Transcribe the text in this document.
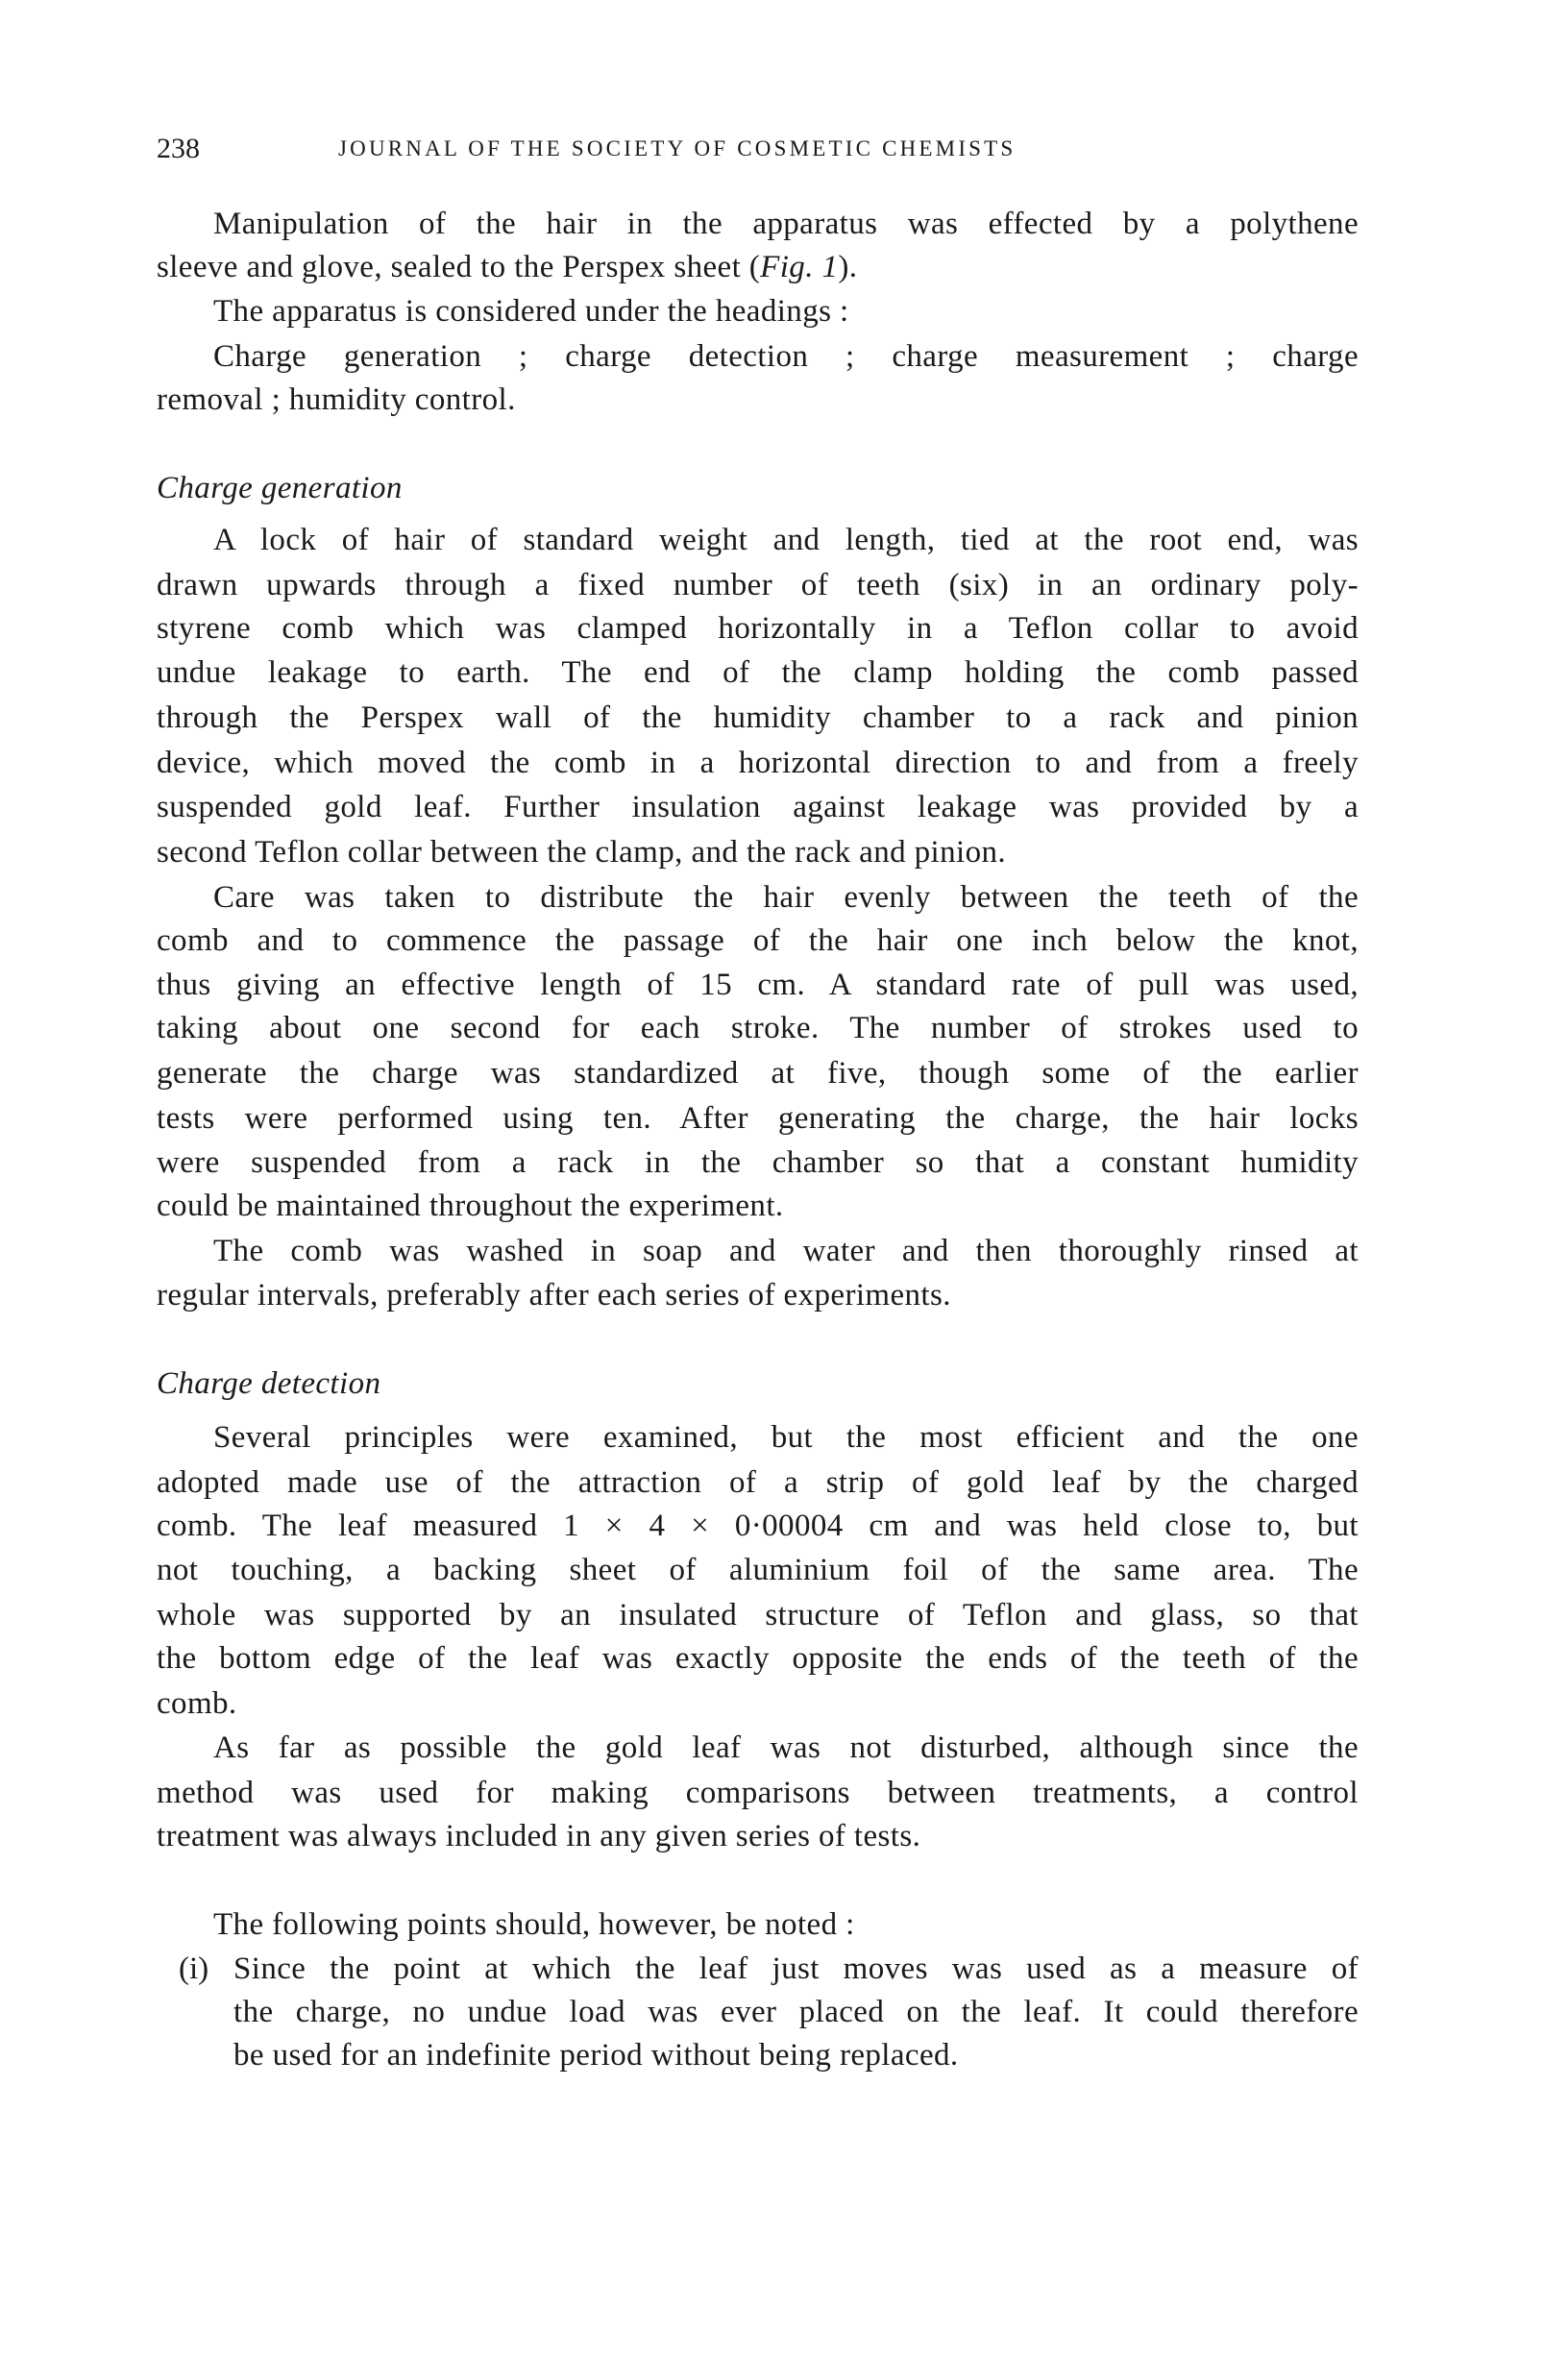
238	JOURNAL OF THE SOCIETY OF COSMETIC CHEMISTS
Manipulation of the hair in the apparatus was effected by a polythene
sleeve and glove, sealed to the Perspex sheet (Fig. 1).
The apparatus is considered under the headings :
Charge generation ; charge detection ; charge measurement ; charge
removal ; humidity control.
Charge generation
A lock of hair of standard weight and length, tied at the root end, was
drawn upwards through a fixed number of teeth (six) in an ordinary poly-
styrene comb which was clamped horizontally in a Teflon collar to avoid
undue leakage to earth. The end of the clamp holding the comb passed
through the Perspex wall of the humidity chamber to a rack and pinion
device, which moved the comb in a horizontal direction to and from a freely
suspended gold leaf. Further insulation against leakage was provided by a
second Teflon collar between the clamp, and the rack and pinion.
Care was taken to distribute the hair evenly between the teeth of the
comb and to commence the passage of the hair one inch below the knot,
thus giving an effective length of 15 cm. A standard rate of pull was used,
taking about one second for each stroke. The number of strokes used to
generate the charge was standardized at five, though some of the earlier
tests were performed using ten. After generating the charge, the hair locks
were suspended from a rack in the chamber so that a constant humidity
could be maintained throughout the experiment.
The comb was washed in soap and water and then thoroughly rinsed at
regular intervals, preferably after each series of experiments.
Charge detection
Several principles were examined, but the most efficient and the one
adopted made use of the attraction of a strip of gold leaf by the charged
comb. The leaf measured 1 × 4 × 0·00004 cm and was held close to, but
not touching, a backing sheet of aluminium foil of the same area. The
whole was supported by an insulated structure of Teflon and glass, so that
the bottom edge of the leaf was exactly opposite the ends of the teeth of the
comb.
As far as possible the gold leaf was not disturbed, although since the
method was used for making comparisons between treatments, a control
treatment was always included in any given series of tests.
The following points should, however, be noted :
Since the point at which the leaf just moves was used as a measure of
the charge, no undue load was ever placed on the leaf. It could therefore
be used for an indefinite period without being replaced.
(i)
